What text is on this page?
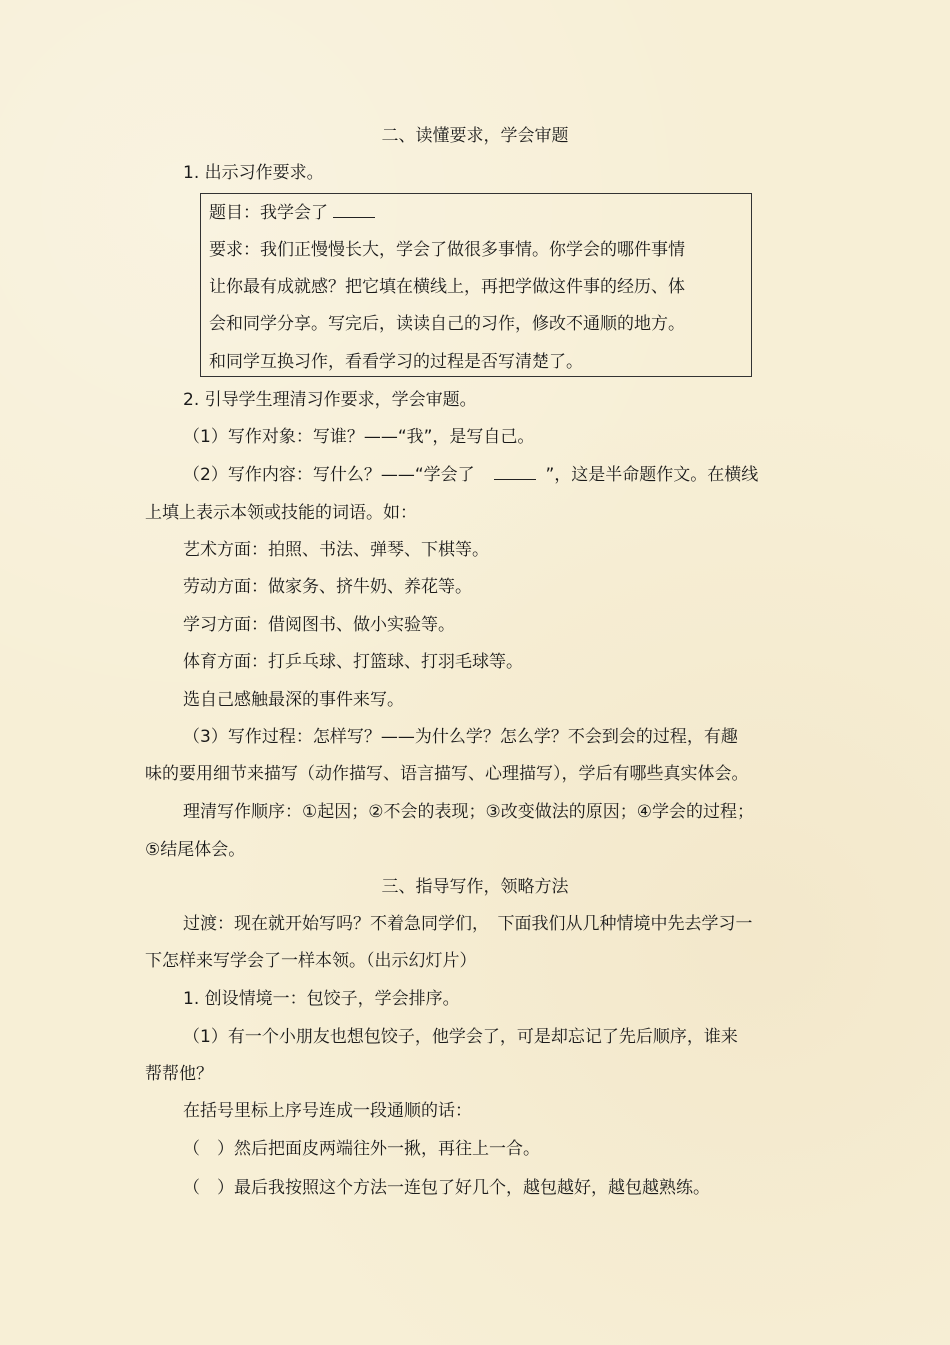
二、读懂要求，学会审题
1. 出示习作要求。
题目：我学会了
要求：我们正慢慢长大，学会了做很多事情。你学会的哪件事情
让你最有成就感？把它填在横线上，再把学做这件事的经历、体
会和同学分享。写完后，读读自己的习作，修改不通顺的地方。
和同学互换习作，看看学习的过程是否写清楚了。
2. 引导学生理清习作要求，学会审题。
（1）写作对象：写谁？——“我”，是写自己。
（2）写作内容：写什么？——“学会了	”，这是半命题作文。在横线
上填上表示本领或技能的词语。如：
艺术方面：拍照、书法、弹琴、下棋等。
劳动方面：做家务、挤牛奶、养花等。
学习方面：借阅图书、做小实验等。
体育方面：打乒乓球、打篮球、打羽毛球等。
选自己感触最深的事件来写。
（3）写作过程：怎样写？——为什么学？怎么学？不会到会的过程，有趣
味的要用细节来描写（动作描写、语言描写、心理描写），学后有哪些真实体会。
理清写作顺序：①起因；②不会的表现；③改变做法的原因；④学会的过程；
⑤结尾体会。
三、指导写作，领略方法
过渡：现在就开始写吗？不着急同学们，　下面我们从几种情境中先去学习一
下怎样来写学会了一样本领。（出示幻灯片）
1. 创设情境一：包饺子，学会排序。
（1）有一个小朋友也想包饺子，他学会了，可是却忘记了先后顺序，谁来
帮帮他？
在括号里标上序号连成一段通顺的话：
（　）然后把面皮两端往外一揪，再往上一合。
（　）最后我按照这个方法一连包了好几个，越包越好，越包越熟练。
